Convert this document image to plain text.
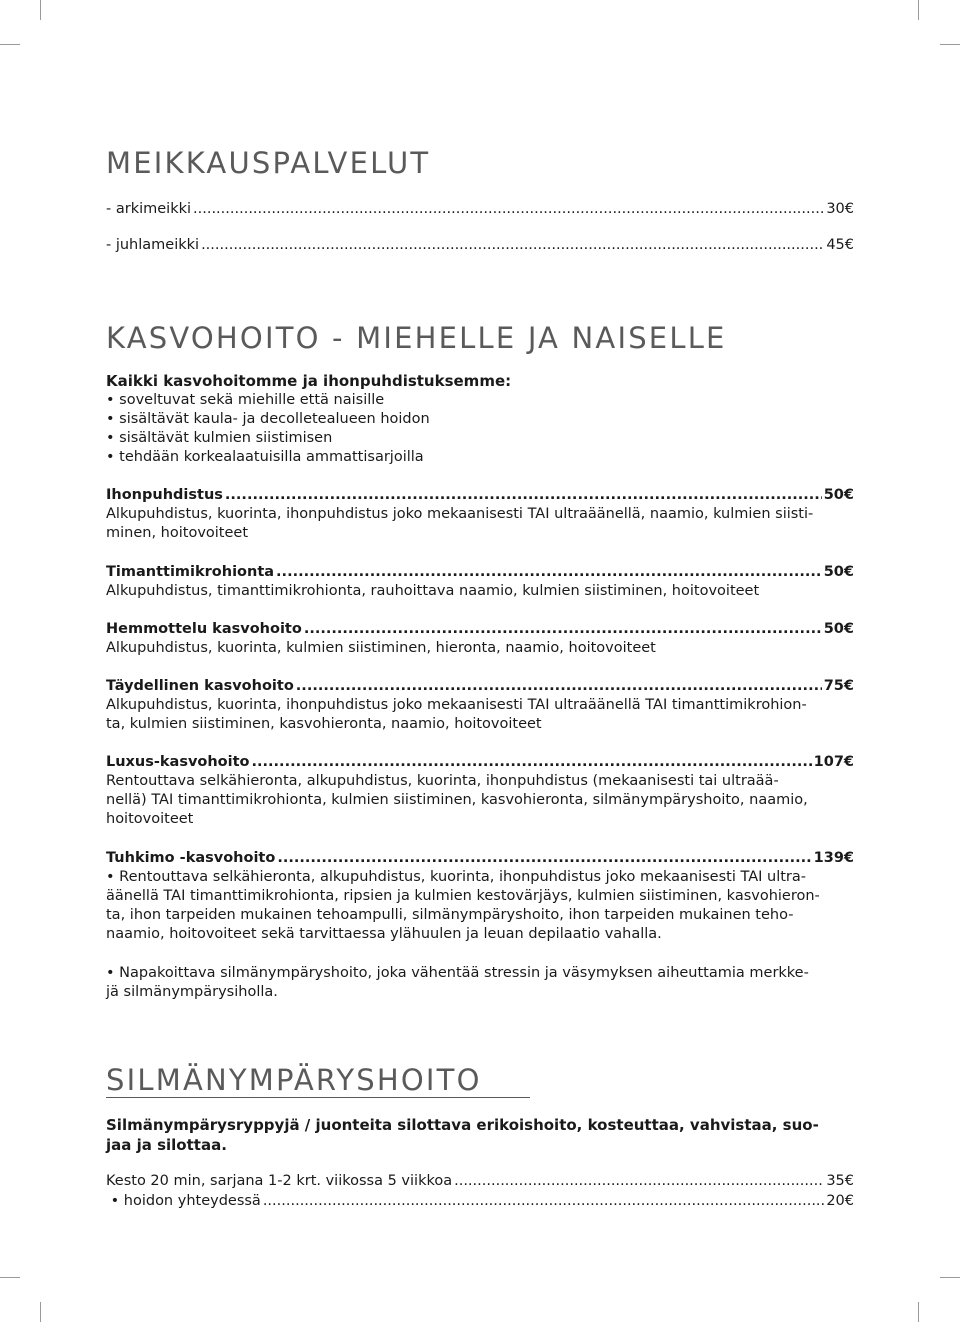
MEIKKAUSPALVELUT
- arkimeikki .....	30€
- juhlameikki .....	45€
KASVOHOITO - MIEHELLE JA NAISELLE
Kaikki kasvohoitomme ja ihonpuhdistuksemme:
• soveltuvat sekä miehille että naisille
• sisältävät kaula- ja decolletealueen hoidon
• sisältävät kulmien siistimisen
• tehdään korkealaatuisilla ammattisarjoilla
Ihonpuhdistus .....	50€
Alkupuhdistus, kuorinta, ihonpuhdistus joko mekaanisesti TAI ultraäänellä, naamio, kulmien siisti-
minen, hoitovoiteet
Timanttimikrohionta .....	50€
Alkupuhdistus, timanttimikrohionta, rauhoittava naamio, kulmien siistiminen, hoitovoiteet
Hemmottelu kasvohoito .....	50€
Alkupuhdistus, kuorinta, kulmien siistiminen, hieronta, naamio, hoitovoiteet
Täydellinen kasvohoito .....	75€
Alkupuhdistus, kuorinta, ihonpuhdistus joko mekaanisesti TAI ultraäänellä TAI timanttimikrohion-
ta, kulmien siistiminen, kasvohieronta, naamio, hoitovoiteet
Luxus-kasvohoito .....	107€
Rentouttava selkähieronta, alkupuhdistus, kuorinta, ihonpuhdistus (mekaanisesti tai ultraää-
nellä) TAI timanttimikrohionta, kulmien siistiminen, kasvohieronta, silmänympäryshoito, naamio,
hoitovoiteet
Tuhkimo -kasvohoito .....	139€
• Rentouttava selkähieronta, alkupuhdistus, kuorinta, ihonpuhdistus joko mekaanisesti TAI ultra-
äänellä TAI timanttimikrohionta, ripsien ja kulmien kestovärjäys, kulmien siistiminen, kasvohieron-
ta, ihon tarpeiden mukainen tehoampulli, silmänympäryshoito, ihon tarpeiden mukainen teho-
naamio, hoitovoiteet sekä tarvittaessa ylähuulen ja leuan depilaatio vahalla.
• Napakoittava silmänympäryshoito, joka vähentää stressin ja väsymyksen aiheuttamia merkke-
jä silmänympärysiholla.
SILMÄNYMPÄRYSHOITO
Silmänympärysryppyjä / juonteita silottava erikoishoito, kosteuttaa, vahvistaa, suo-
jaa ja silottaa.
Kesto 20 min, sarjana 1-2 krt. viikossa 5 viikkoa .....	35€
• hoidon yhteydessä .....	20€
